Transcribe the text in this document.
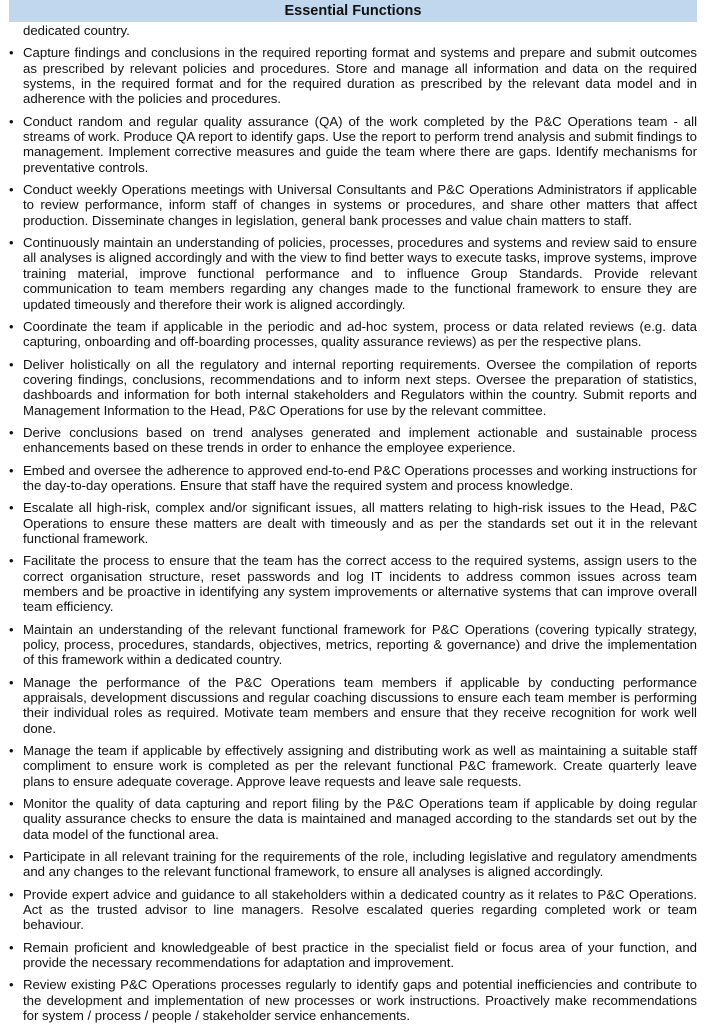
Essential Functions

dedicated country.

• Capture findings and conclusions in the required reporting format and systems and prepare and submit outcomes as prescribed by relevant policies and procedures. Store and manage all information and data on the required systems, in the required format and for the required duration as prescribed by the relevant data model and in adherence with the policies and procedures.
• Conduct random and regular quality assurance (QA) of the work completed by the P&C Operations team - all streams of work. Produce QA report to identify gaps. Use the report to perform trend analysis and submit findings to management. Implement corrective measures and guide the team where there are gaps. Identify mechanisms for preventative controls.
• Conduct weekly Operations meetings with Universal Consultants and P&C Operations Administrators if applicable to review performance, inform staff of changes in systems or procedures, and share other matters that affect production. Disseminate changes in legislation, general bank processes and value chain matters to staff.
• Continuously maintain an understanding of policies, processes, procedures and systems and review said to ensure all analyses is aligned accordingly and with the view to find better ways to execute tasks, improve systems, improve training material, improve functional performance and to influence Group Standards. Provide relevant communication to team members regarding any changes made to the functional framework to ensure they are updated timeously and therefore their work is aligned accordingly.
• Coordinate the team if applicable in the periodic and ad-hoc system, process or data related reviews (e.g. data capturing, onboarding and off-boarding processes, quality assurance reviews) as per the respective plans.
• Deliver holistically on all the regulatory and internal reporting requirements. Oversee the compilation of reports covering findings, conclusions, recommendations and to inform next steps. Oversee the preparation of statistics, dashboards and information for both internal stakeholders and Regulators within the country. Submit reports and Management Information to the Head, P&C Operations for use by the relevant committee.
• Derive conclusions based on trend analyses generated and implement actionable and sustainable process enhancements based on these trends in order to enhance the employee experience.
• Embed and oversee the adherence to approved end-to-end P&C Operations processes and working instructions for the day-to-day operations. Ensure that staff have the required system and process knowledge.
• Escalate all high-risk, complex and/or significant issues, all matters relating to high-risk issues to the Head, P&C Operations to ensure these matters are dealt with timeously and as per the standards set out it in the relevant functional framework.
• Facilitate the process to ensure that the team has the correct access to the required systems, assign users to the correct organisation structure, reset passwords and log IT incidents to address common issues across team members and be proactive in identifying any system improvements or alternative systems that can improve overall team efficiency.
• Maintain an understanding of the relevant functional framework for P&C Operations (covering typically strategy, policy, process, procedures, standards, objectives, metrics, reporting & governance) and drive the implementation of this framework within a dedicated country.
• Manage the performance of the P&C Operations team members if applicable by conducting performance appraisals, development discussions and regular coaching discussions to ensure each team member is performing their individual roles as required. Motivate team members and ensure that they receive recognition for work well done.
• Manage the team if applicable by effectively assigning and distributing work as well as maintaining a suitable staff compliment to ensure work is completed as per the relevant functional P&C framework. Create quarterly leave plans to ensure adequate coverage. Approve leave requests and leave sale requests.
• Monitor the quality of data capturing and report filing by the P&C Operations team if applicable by doing regular quality assurance checks to ensure the data is maintained and managed according to the standards set out by the data model of the functional area.
• Participate in all relevant training for the requirements of the role, including legislative and regulatory amendments and any changes to the relevant functional framework, to ensure all analyses is aligned accordingly.
• Provide expert advice and guidance to all stakeholders within a dedicated country as it relates to P&C Operations. Act as the trusted advisor to line managers. Resolve escalated queries regarding completed work or team behaviour.
• Remain proficient and knowledgeable of best practice in the specialist field or focus area of your function, and provide the necessary recommendations for adaptation and improvement.
• Review existing P&C Operations processes regularly to identify gaps and potential inefficiencies and contribute to the development and implementation of new processes or work instructions. Proactively make recommendations for system / process / people / stakeholder service enhancements.
